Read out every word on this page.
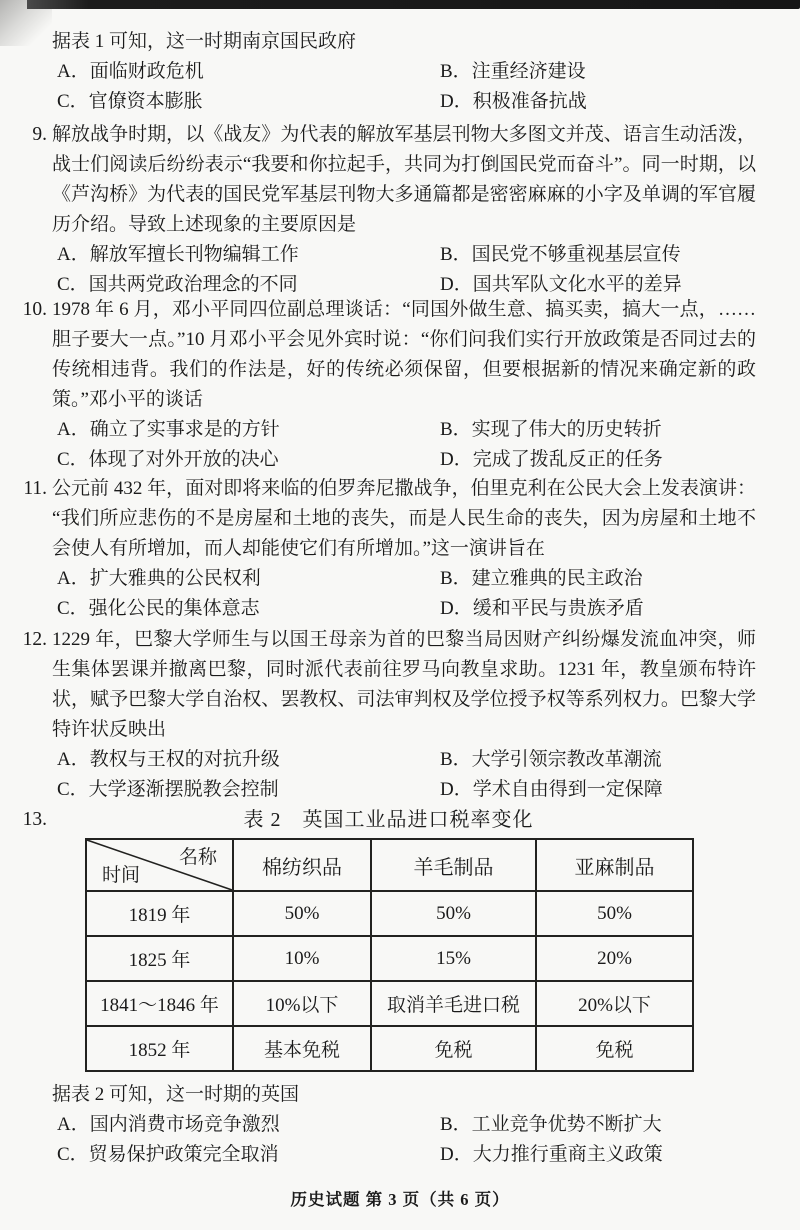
据表 1 可知，这一时期南京国民政府

A．面临财政危机	B．注重经济建设
C．官僚资本膨胀	D．积极准备抗战
9. 解放战争时期，以《战友》为代表的解放军基层刊物大多图文并茂、语言生动活泼，战士们阅读后纷纷表示“我要和你拉起手，共同为打倒国民党而奋斗”。同一时期，以《芦沟桥》为代表的国民党军基层刊物大多通篇都是密密麻麻的小字及单调的军官履历介绍。导致上述现象的主要原因是

A．解放军擅长刊物编辑工作	B．国民党不够重视基层宣传
C．国共两党政治理念的不同	D．国共军队文化水平的差异
10. 1978 年 6 月，邓小平同四位副总理谈话：“同国外做生意、搞买卖，搞大一点，……胆子要大一点。”10 月邓小平会见外宾时说：“你们问我们实行开放政策是否同过去的传统相违背。我们的作法是，好的传统必须保留，但要根据新的情况来确定新的政策。”邓小平的谈话

A．确立了实事求是的方针	B．实现了伟大的历史转折
C．体现了对外开放的决心	D．完成了拨乱反正的任务
11. 公元前 432 年，面对即将来临的伯罗奔尼撒战争，伯里克利在公民大会上发表演讲：“我们所应悲伤的不是房屋和土地的丧失，而是人民生命的丧失，因为房屋和土地不会使人有所增加，而人却能使它们有所增加。”这一演讲旨在

A．扩大雅典的公民权利	B．建立雅典的民主政治
C．强化公民的集体意志	D．缓和平民与贵族矛盾
12. 1229 年，巴黎大学师生与以国王母亲为首的巴黎当局因财产纠纷爆发流血冲突，师生集体罢课并撤离巴黎，同时派代表前往罗马向教皇求助。1231 年，教皇颁布特许状，赋予巴黎大学自治权、罢教权、司法审判权及学位授予权等系列权力。巴黎大学特许状反映出

A．教权与王权的对抗升级	B．大学引领宗教改革潮流
C．大学逐渐摆脱教会控制	D．学术自由得到一定保障
13.	表 2　英国工业品进口税率变化
名称
时间	棉纺织品	羊毛制品	亚麻制品
1819 年	50%	50%	50%
1825 年	10%	15%	20%
1841～1846 年	10%以下	取消羊毛进口税	20%以下
1852 年	基本免税	免税	免税

据表 2 可知，这一时期的英国

A．国内消费市场竞争激烈	B．工业竞争优势不断扩大
C．贸易保护政策完全取消	D．大力推行重商主义政策
历史试题 第 3 页（共 6 页）
